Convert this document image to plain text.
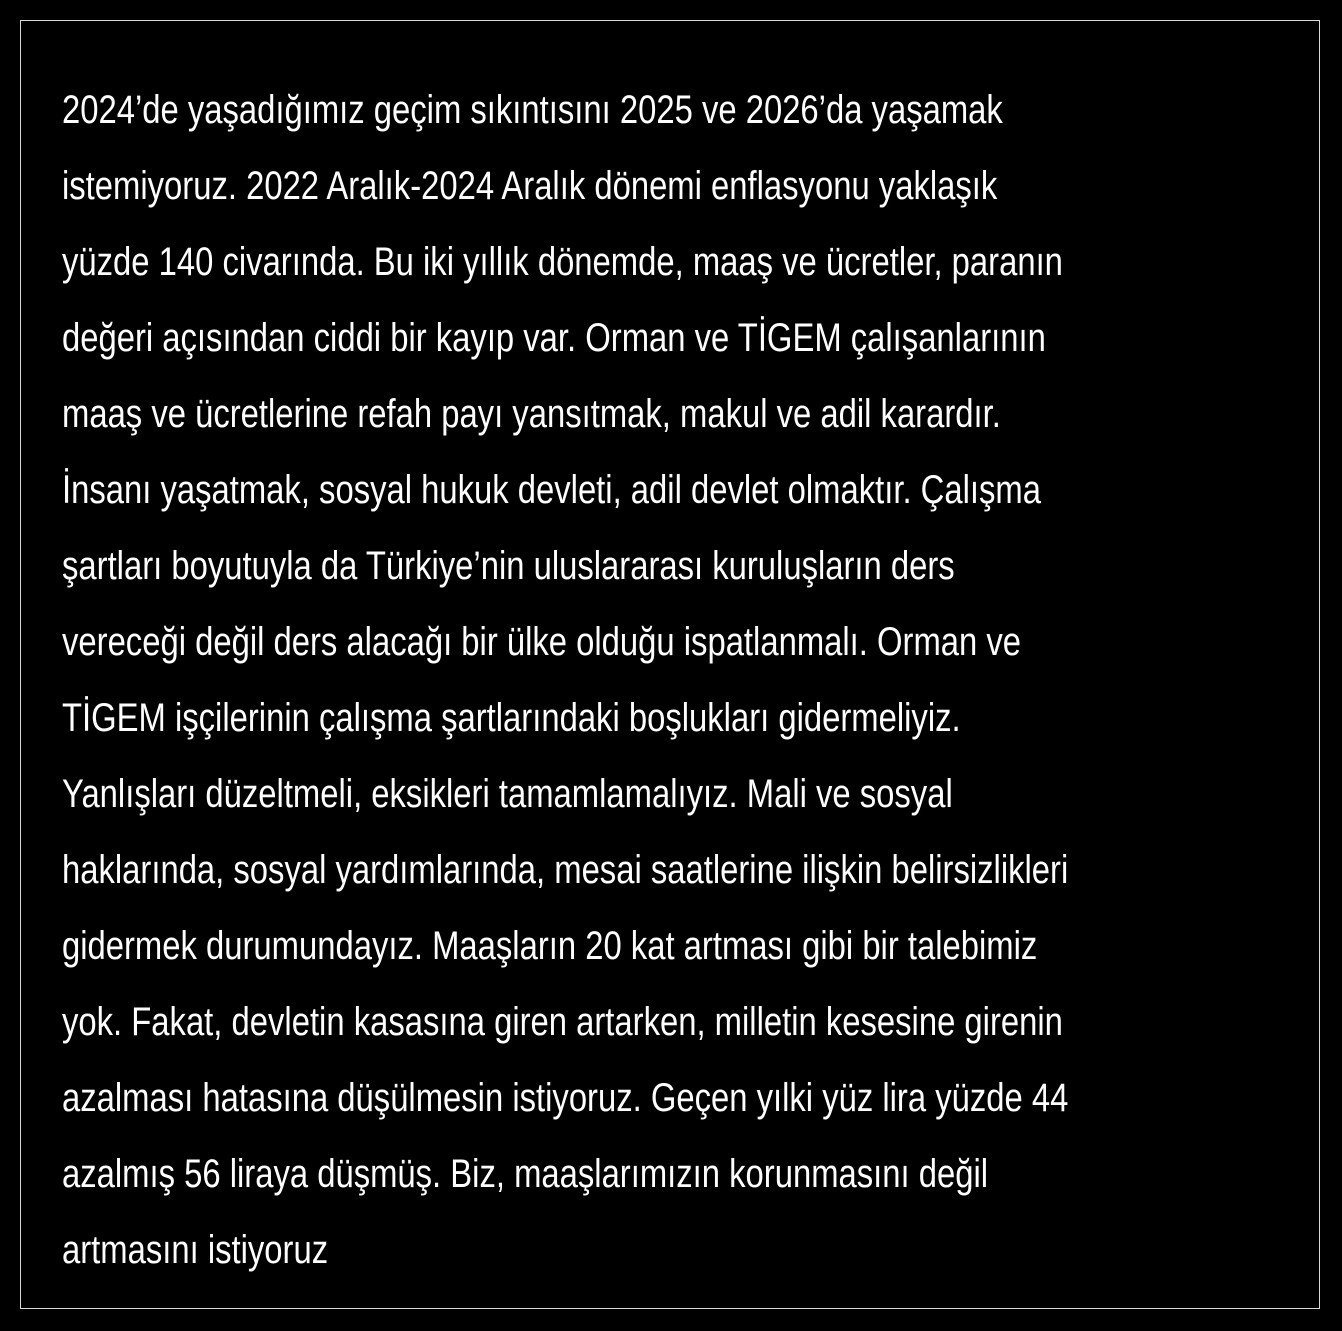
2024’de yaşadığımız geçim sıkıntısını 2025 ve 2026’da yaşamak
istemiyoruz. 2022 Aralık-2024 Aralık dönemi enflasyonu yaklaşık
yüzde 140 civarında. Bu iki yıllık dönemde, maaş ve ücretler, paranın
değeri açısından ciddi bir kayıp var. Orman ve TİGEM çalışanlarının
maaş ve ücretlerine refah payı yansıtmak, makul ve adil karardır.
İnsanı yaşatmak, sosyal hukuk devleti, adil devlet olmaktır. Çalışma
şartları boyutuyla da Türkiye’nin uluslararası kuruluşların ders
vereceği değil ders alacağı bir ülke olduğu ispatlanmalı. Orman ve
TİGEM işçilerinin çalışma şartlarındaki boşlukları gidermeliyiz.
Yanlışları düzeltmeli, eksikleri tamamlamalıyız. Mali ve sosyal
haklarında, sosyal yardımlarında, mesai saatlerine ilişkin belirsizlikleri
gidermek durumundayız. Maaşların 20 kat artması gibi bir talebimiz
yok. Fakat, devletin kasasına giren artarken, milletin kesesine girenin
azalması hatasına düşülmesin istiyoruz. Geçen yılki yüz lira yüzde 44
azalmış 56 liraya düşmüş. Biz, maaşlarımızın korunmasını değil
artmasını istiyoruz
